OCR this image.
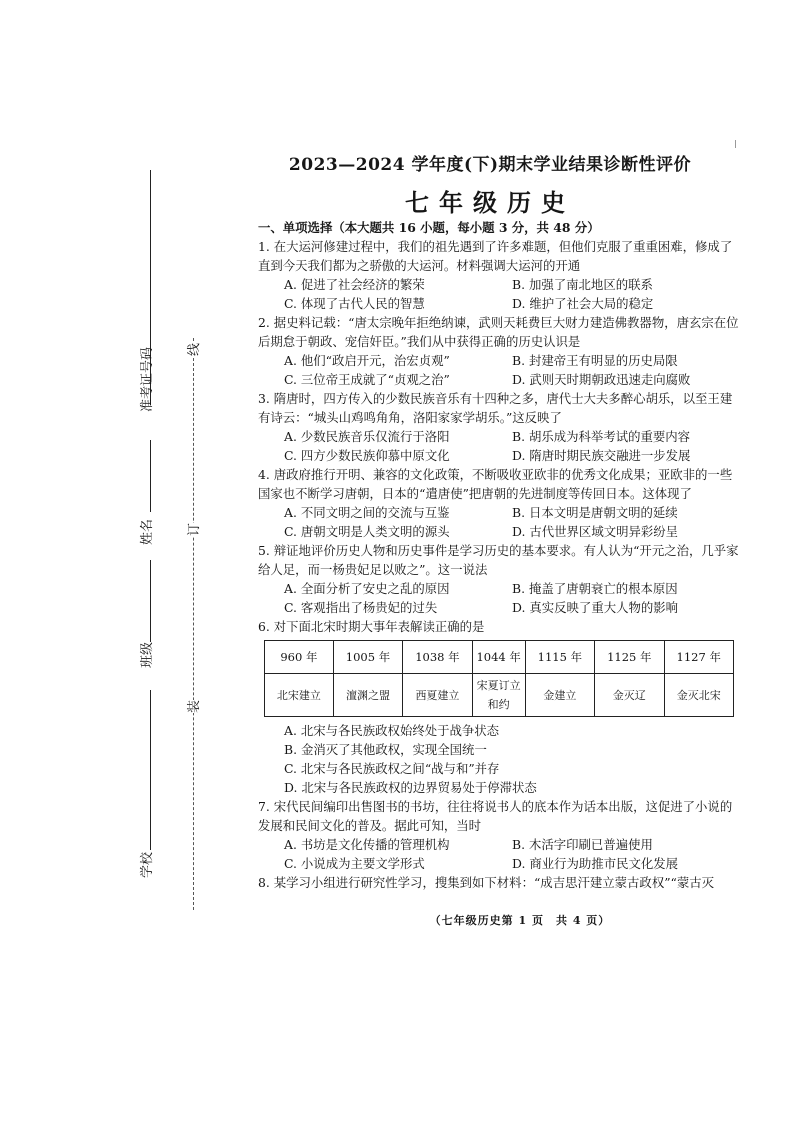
准考证号码
姓名
班级
学校
线
订
装
2023—2024 学年度(下)期末学业结果诊断性评价
七年级历史
一、单项选择（本大题共 16 小题，每小题 3 分，共 48 分）

1. 在大运河修建过程中，我们的祖先遇到了许多难题，但他们克服了重重困难，修成了直到今天我们都为之骄傲的大运河。材料强调大运河的开通

A. 促进了社会经济的繁荣	B. 加强了南北地区的联系
C. 体现了古代人民的智慧	D. 维护了社会大局的稳定

2. 据史料记载：“唐太宗晚年拒绝纳谏，武则天耗费巨大财力建造佛教器物，唐玄宗在位后期怠于朝政、宠信奸臣。”我们从中获得正确的历史认识是

A. 他们“政启开元，治宏贞观”	B. 封建帝王有明显的历史局限
C. 三位帝王成就了“贞观之治”	D. 武则天时期朝政迅速走向腐败

3. 隋唐时，四方传入的少数民族音乐有十四种之多，唐代士大夫多醉心胡乐，以至王建有诗云：“城头山鸡鸣角角，洛阳家家学胡乐。”这反映了

A. 少数民族音乐仅流行于洛阳	B. 胡乐成为科举考试的重要内容
C. 四方少数民族仰慕中原文化	D. 隋唐时期民族交融进一步发展

4. 唐政府推行开明、兼容的文化政策，不断吸收亚欧非的优秀文化成果；亚欧非的一些国家也不断学习唐朝，日本的“遣唐使”把唐朝的先进制度等传回日本。这体现了

A. 不同文明之间的交流与互鉴	B. 日本文明是唐朝文明的延续
C. 唐朝文明是人类文明的源头	D. 古代世界区域文明异彩纷呈

5. 辩证地评价历史人物和历史事件是学习历史的基本要求。有人认为“开元之治，几乎家给人足，而一杨贵妃足以败之”。这一说法

A. 全面分析了安史之乱的原因	B. 掩盖了唐朝衰亡的根本原因
C. 客观指出了杨贵妃的过失	D. 真实反映了重大人物的影响

6. 对下面北宋时期大事年表解读正确的是

960 年	1005 年	1038 年	1044 年	1115 年	1125 年	1127 年
北宋建立	澶渊之盟	西夏建立	宋夏订立和约	金建立	金灭辽	金灭北宋
A. 北宋与各民族政权始终处于战争状态
B. 金消灭了其他政权，实现全国统一
C. 北宋与各民族政权之间“战与和”并存
D. 北宋与各民族政权的边界贸易处于停滞状态

7. 宋代民间编印出售图书的书坊，往往将说书人的底本作为话本出版，这促进了小说的发展和民间文化的普及。据此可知，当时

A. 书坊是文化传播的管理机构	B. 木活字印刷已普遍使用
C. 小说成为主要文学形式	D. 商业行为助推市民文化发展

8. 某学习小组进行研究性学习，搜集到如下材料：“成吉思汗建立蒙古政权”“蒙古灭

（七年级历史第 1 页　共 4 页）
